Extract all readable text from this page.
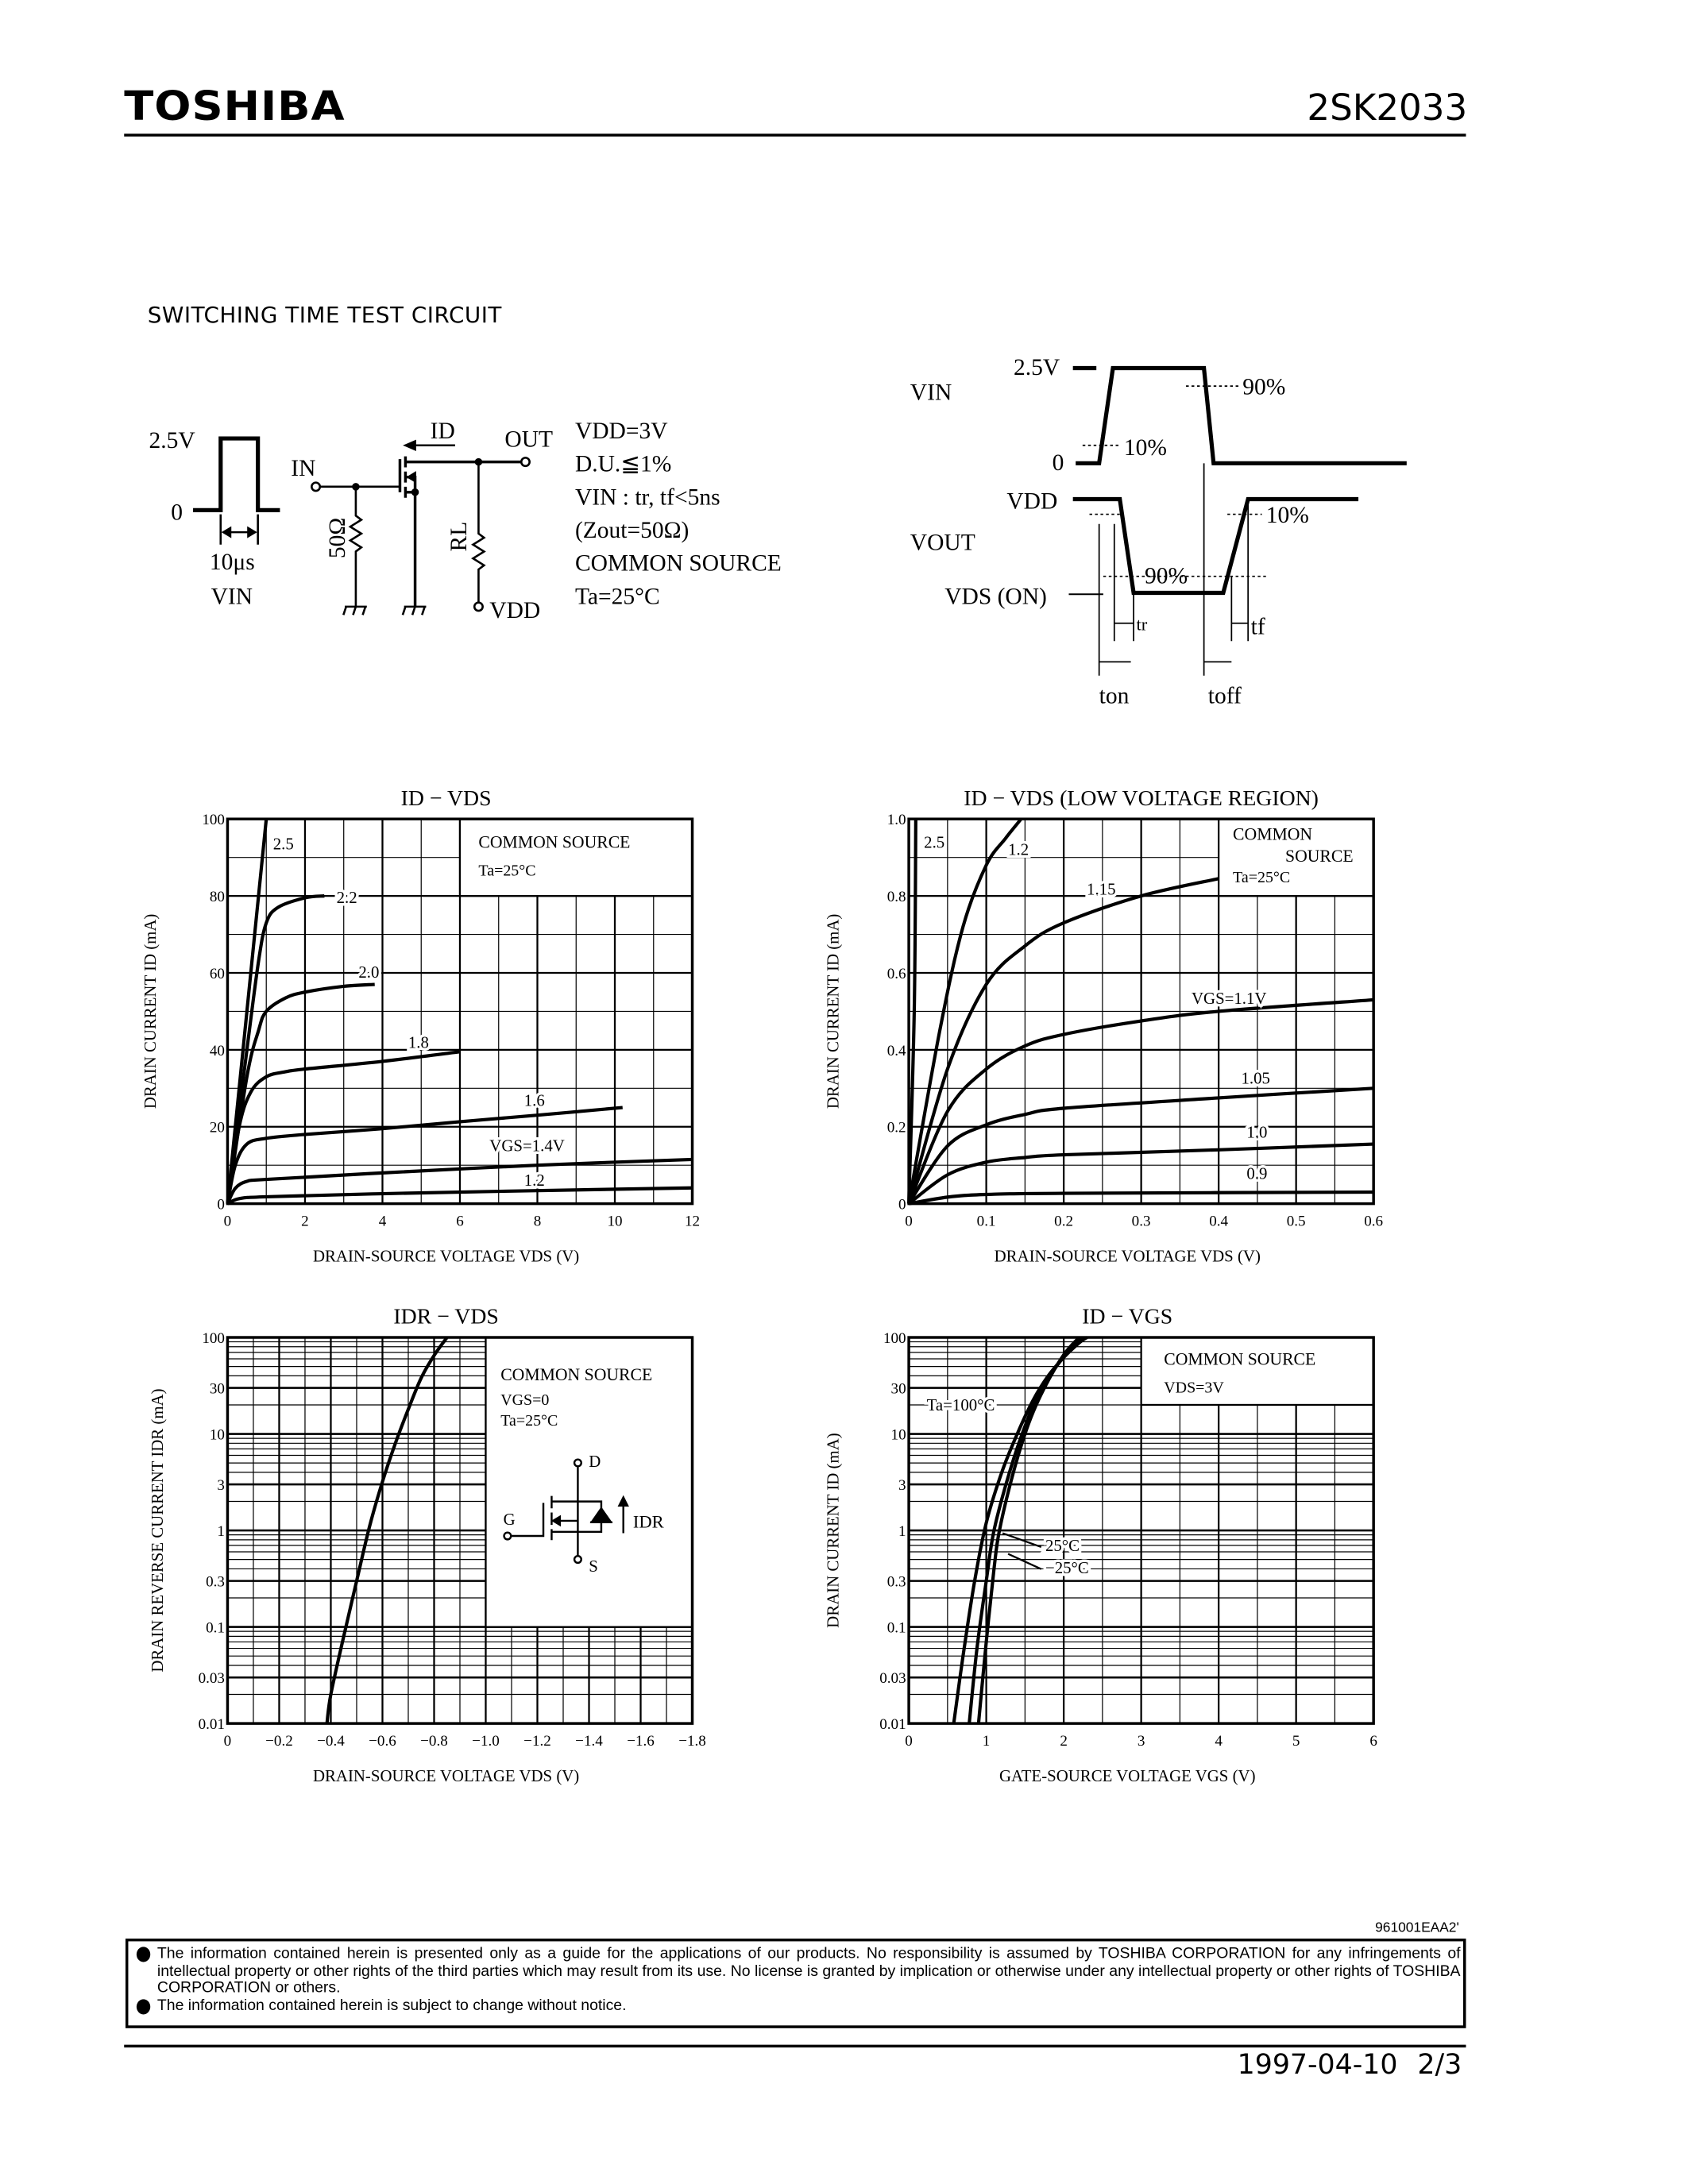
TOSHIBA	2SK2033
SWITCHING TIME TEST CIRCUIT
2.5V
0
10μs
VIN
IN
ID	OUT
50Ω	RL
VDD
VDD=3V
D.U.≦1%
VIN : tr, tf<5ns
(Zout=50Ω)
COMMON SOURCE
Ta=25°C
VIN
2.5V
0
90%
10%
VDD
VOUT
VDS (ON)
90%
10%
tr	tf
ton	toff
0	2	4	6	8	10	12
0
20
40
60
80
100
ID − VDS
DRAIN-SOURCE VOLTAGE VDS (V)
DRAIN CURRENT ID (mA)
COMMON SOURCE
Ta=25°C
2.5
2.2
2.0
1.8
1.6
VGS=1.4V
1.2
0	0.1	0.2	0.3	0.4	0.5	0.6
0
0.2
0.4
0.6
0.8
1.0
ID − VDS (LOW VOLTAGE REGION)
DRAIN-SOURCE VOLTAGE VDS (V)
DRAIN CURRENT ID (mA)
COMMON
SOURCE
Ta=25°C
2.5	1.2
1.15
VGS=1.1V
1.05
1.0
0.9
0	−0.2	−0.4	−0.6	−0.8	−1.0	−1.2	−1.4	−1.6	−1.8
0.01
0.03
0.1
0.3
1
3
10
30
100
IDR − VDS
DRAIN-SOURCE VOLTAGE VDS (V)
DRAIN REVERSE CURRENT IDR (mA)
COMMON SOURCE
VGS=0
Ta=25°C
D
G
S
IDR
0	1	2	3	4	5	6
0.01
0.03
0.1
0.3
1
3
10
30
100
ID − VGS
GATE-SOURCE VOLTAGE VGS (V)
DRAIN CURRENT ID (mA)
COMMON SOURCE
VDS=3V
Ta=100°C
25°C
−25°C
961001EAA2'

The information contained herein is presented only as a guide for the applications of our products. No responsibility is assumed by TOSHIBA CORPORATION for any infringements of intellectual property or other rights of the third parties which may result from its use. No license is granted by implication or otherwise under any intellectual property or other rights of TOSHIBA CORPORATION or others.

The information contained herein is subject to change without notice.

1997-04-10 2/3
